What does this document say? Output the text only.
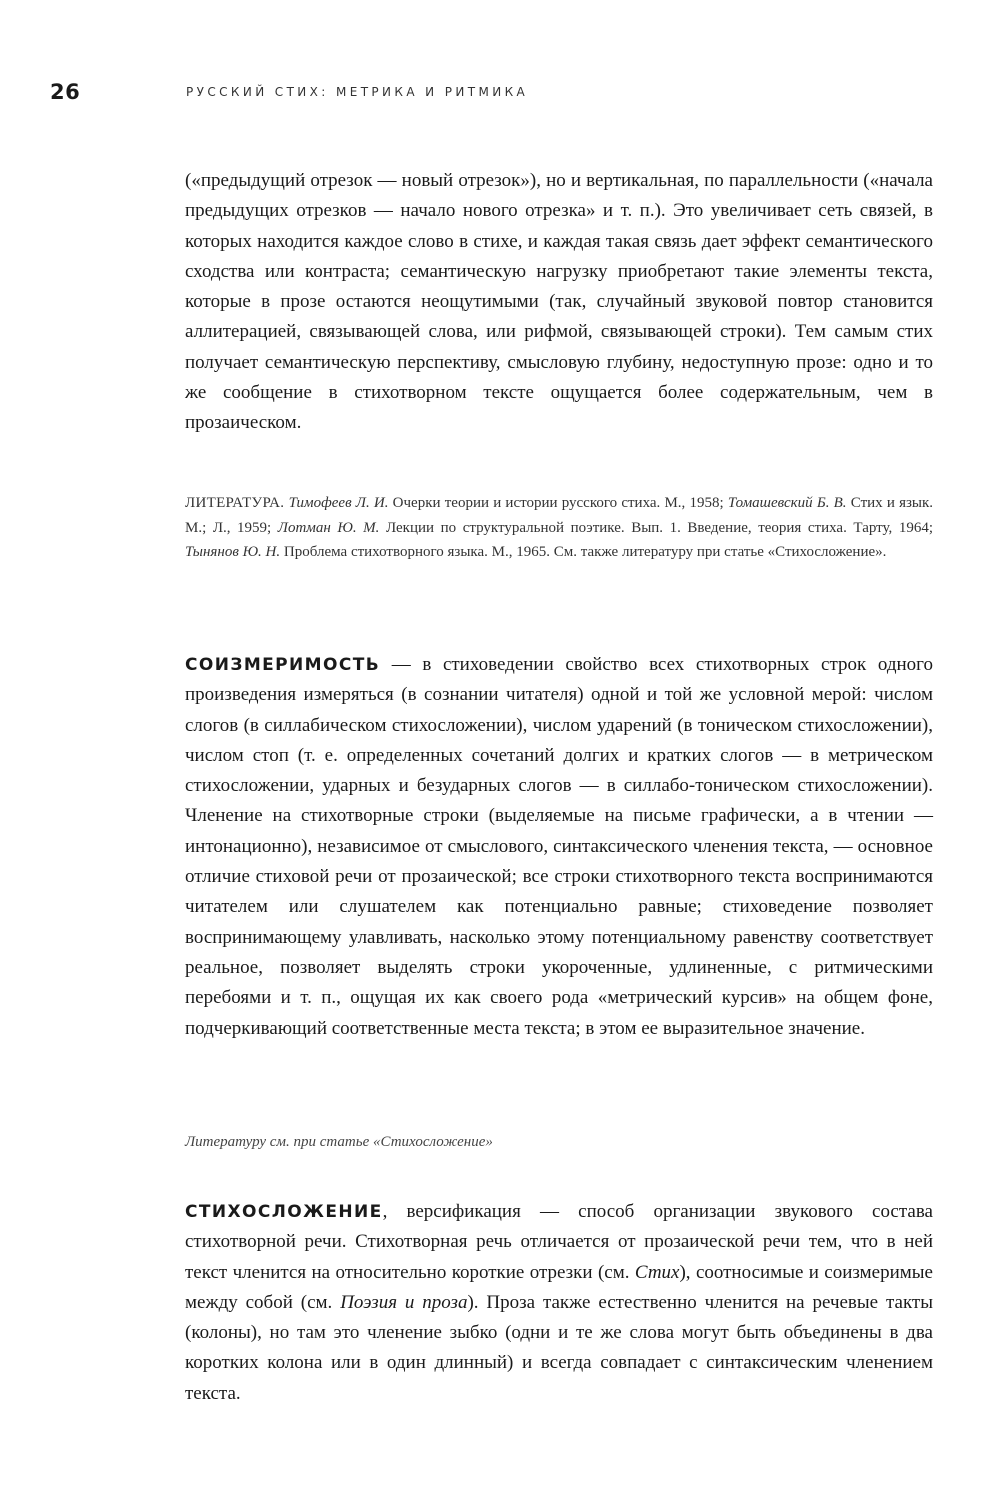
26	РУССКИЙ СТИХ: МЕТРИКА И РИТМИКА

(«предыдущий отрезок — новый отрезок»), но и вертикальная, по параллельности («начала предыдущих отрезков — начало нового отрезка» и т. п.). Это увеличивает сеть связей, в которых находится каждое слово в стихе, и каждая такая связь дает эффект семантического сходства или контраста; семантическую нагрузку приобретают такие элементы текста, которые в прозе остаются неощутимыми (так, случайный звуковой повтор становится аллитерацией, связывающей слова, или рифмой, связывающей строки). Тем самым стих получает семантическую перспективу, смысловую глубину, недоступную прозе: одно и то же сообщение в стихотворном тексте ощущается более содержательным, чем в прозаическом.

ЛИТЕРАТУРА. Тимофеев Л. И. Очерки теории и истории русского стиха. М., 1958; Томашевский Б. В. Стих и язык. М.; Л., 1959; Лотман Ю. М. Лекции по структуральной поэтике. Вып. 1. Введение, теория стиха. Тарту, 1964; Тынянов Ю. Н. Проблема стихотворного языка. М., 1965. См. также литературу при статье «Стихосложение».

СОИЗМЕРИМОСТЬ — в стиховедении свойство всех стихотворных строк одного произведения измеряться (в сознании читателя) одной и той же условной мерой: числом слогов (в силлабическом стихосложении), числом ударений (в тоническом стихосложении), числом стоп (т. е. определенных сочетаний долгих и кратких слогов — в метрическом стихосложении, ударных и безударных слогов — в силлабо-тоническом стихосложении). Членение на стихотворные строки (выделяемые на письме графически, а в чтении — интонационно), независимое от смыслового, синтаксического членения текста, — основное отличие стиховой речи от прозаической; все строки стихотворного текста воспринимаются читателем или слушателем как потенциально равные; стиховедение позволяет воспринимающему улавливать, насколько этому потенциальному равенству соответствует реальное, позволяет выделять строки укороченные, удлиненные, с ритмическими перебоями и т. п., ощущая их как своего рода «метрический курсив» на общем фоне, подчеркивающий соответственные места текста; в этом ее выразительное значение.

Литературу см. при статье «Стихосложение»

СТИХОСЛОЖЕНИЕ, версификация — способ организации звукового состава стихотворной речи. Стихотворная речь отличается от прозаической речи тем, что в ней текст членится на относительно короткие отрезки (см. Стих), соотносимые и соизмеримые между собой (см. Поэзия и проза). Проза также естественно членится на речевые такты (колоны), но там это членение зыбко (одни и те же слова могут быть объединены в два коротких колона или в один длинный) и всегда совпадает с синтаксическим членением текста.
